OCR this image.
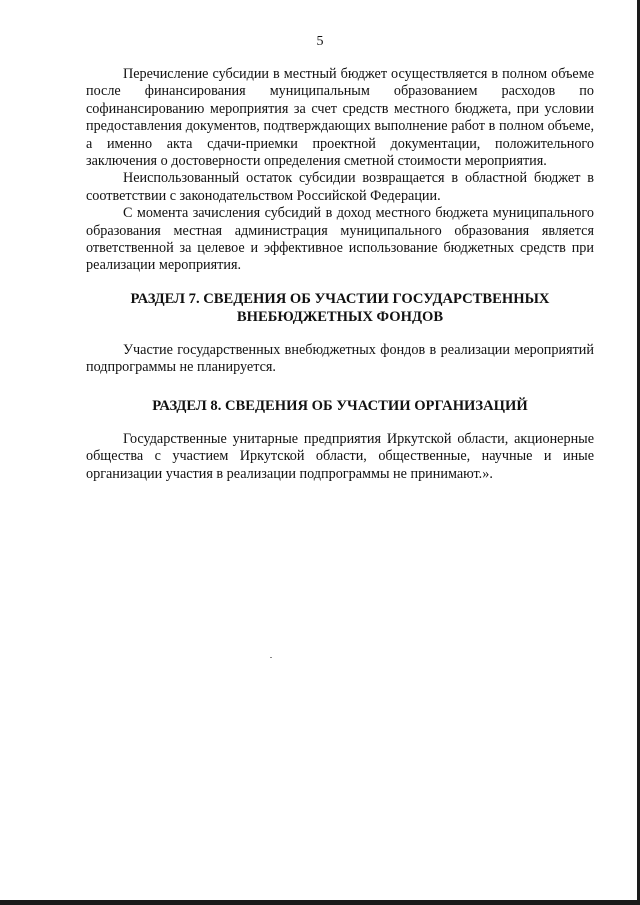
5

Перечисление субсидии в местный бюджет осуществляется в полном объеме после финансирования муниципальным образованием расходов по софинансированию мероприятия за счет средств местного бюджета, при условии предоставления документов, подтверждающих выполнение работ в полном объеме, а именно акта сдачи-приемки проектной документации, положительного заключения о достоверности определения сметной стоимости мероприятия.

Неиспользованный остаток субсидии возвращается в областной бюджет в соответствии с законодательством Российской Федерации.

С момента зачисления субсидий в доход местного бюджета муниципального образования местная администрация муниципального образования является ответственной за целевое и эффективное использование бюджетных средств при реализации мероприятия.

РАЗДЕЛ 7. СВЕДЕНИЯ ОБ УЧАСТИИ ГОСУДАРСТВЕННЫХ ВНЕБЮДЖЕТНЫХ ФОНДОВ

Участие государственных внебюджетных фондов в реализации мероприятий подпрограммы не планируется.

РАЗДЕЛ 8. СВЕДЕНИЯ ОБ УЧАСТИИ ОРГАНИЗАЦИЙ

Государственные унитарные предприятия Иркутской области, акционерные общества с участием Иркутской области, общественные, научные и иные организации участия в реализации подпрограммы не принимают.».
